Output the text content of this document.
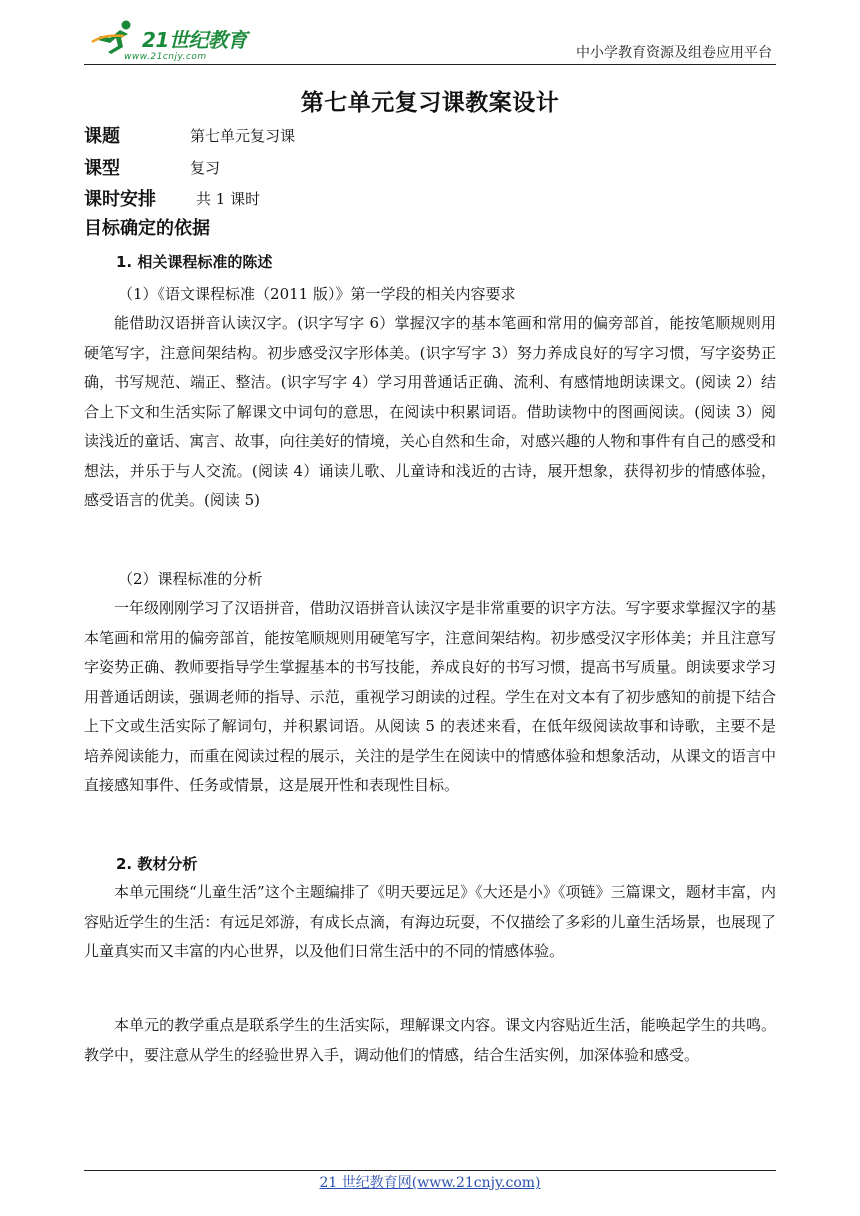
21世纪教育
www.21cnjy.com	中小学教育资源及组卷应用平台
第七单元复习课教案设计
课题	第七单元复习课
课型	复习
课时安排	共 1 课时
目标确定的依据
1. 相关课程标准的陈述
（1）《语文课程标准（2011 版）》第一学段的相关内容要求

能借助汉语拼音认读汉字。(识字写字 6）掌握汉字的基本笔画和常用的偏旁部首，能按笔顺规则用硬笔写字，注意间架结构。初步感受汉字形体美。(识字写字 3）努力养成良好的写字习惯，写字姿势正确，书写规范、端正、整洁。(识字写字 4）学习用普通话正确、流利、有感情地朗读课文。(阅读 2）结合上下文和生活实际了解课文中词句的意思，在阅读中积累词语。借助读物中的图画阅读。(阅读 3）阅读浅近的童话、寓言、故事，向往美好的情境，关心自然和生命，对感兴趣的人物和事件有自己的感受和想法，并乐于与人交流。(阅读 4）诵读儿歌、儿童诗和浅近的古诗，展开想象，获得初步的情感体验，感受语言的优美。(阅读 5)

（2）课程标准的分析

一年级刚刚学习了汉语拼音，借助汉语拼音认读汉字是非常重要的识字方法。写字要求掌握汉字的基本笔画和常用的偏旁部首，能按笔顺规则用硬笔写字，注意间架结构。初步感受汉字形体美；并且注意写字姿势正确、教师要指导学生掌握基本的书写技能，养成良好的书写习惯，提高书写质量。朗读要求学习用普通话朗读，强调老师的指导、示范，重视学习朗读的过程。学生在对文本有了初步感知的前提下结合上下文或生活实际了解词句，并积累词语。从阅读 5 的表述来看，在低年级阅读故事和诗歌，主要不是培养阅读能力，而重在阅读过程的展示，关注的是学生在阅读中的情感体验和想象活动，从课文的语言中直接感知事件、任务或情景，这是展开性和表现性目标。

2. 教材分析

本单元围绕“儿童生活”这个主题编排了《明天要远足》《大还是小》《项链》三篇课文，题材丰富，内容贴近学生的生活：有远足郊游，有成长点滴，有海边玩耍，不仅描绘了多彩的儿童生活场景，也展现了儿童真实而又丰富的内心世界，以及他们日常生活中的不同的情感体验。

本单元的教学重点是联系学生的生活实际，理解课文内容。课文内容贴近生活，能唤起学生的共鸣。教学中，要注意从学生的经验世界入手，调动他们的情感，结合生活实例，加深体验和感受。

21 世纪教育网(www.21cnjy.com)
